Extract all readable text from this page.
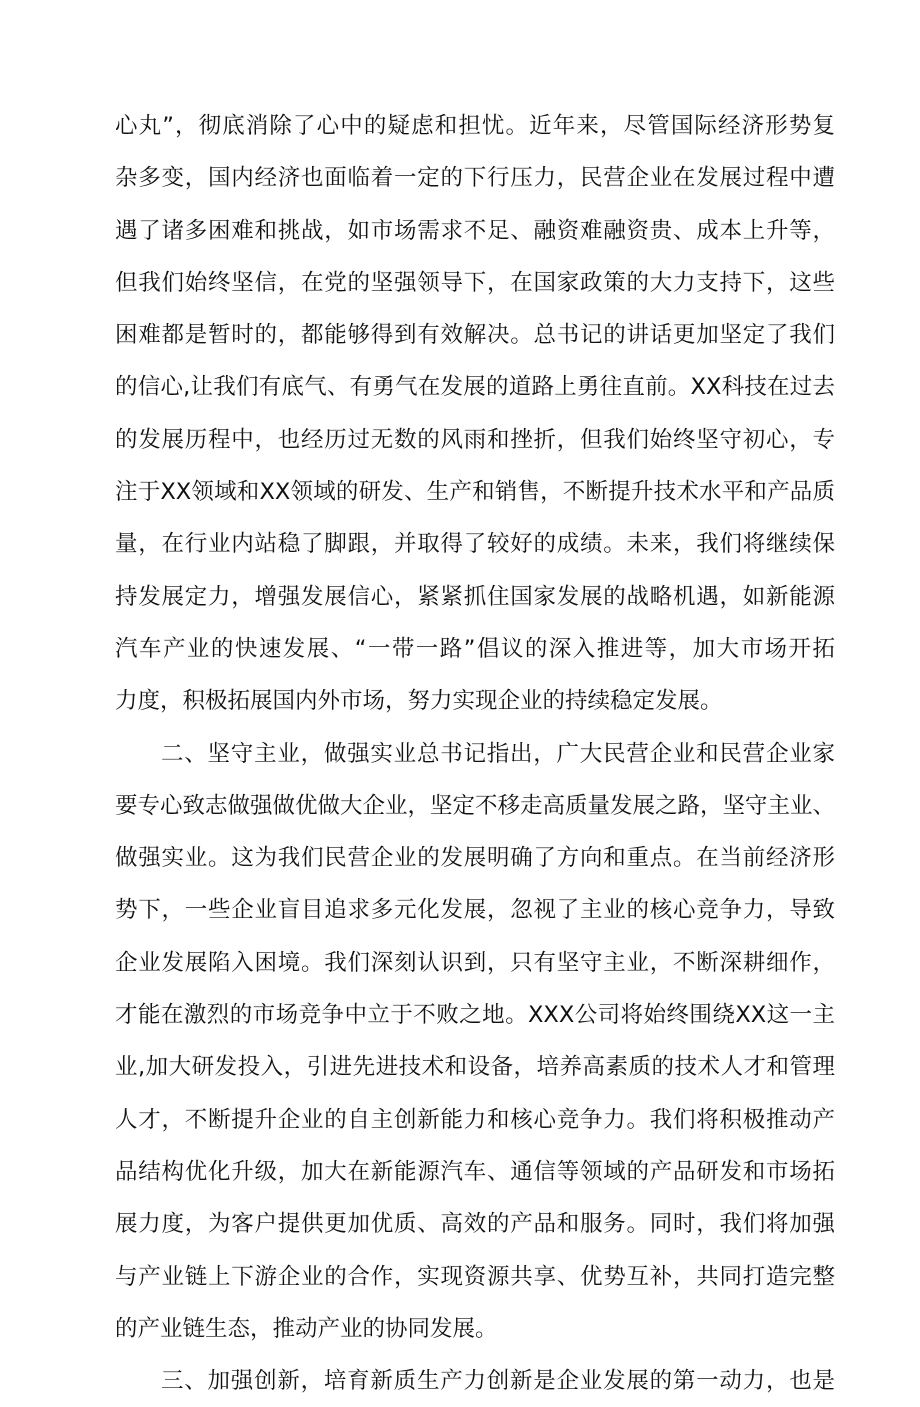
心丸”，彻底消除了心中的疑虑和担忧。近年来，尽管国际经济形势复
杂多变，国内经济也面临着一定的下行压力，民营企业在发展过程中遭
遇了诸多困难和挑战，如市场需求不足、融资难融资贵、成本上升等，
但我们始终坚信，在党的坚强领导下，在国家政策的大力支持下，这些
困难都是暂时的，都能够得到有效解决。总书记的讲话更加坚定了我们
的信心,让我们有底气、有勇气在发展的道路上勇往直前。XX科技在过去
的发展历程中，也经历过无数的风雨和挫折，但我们始终坚守初心，专
注于XX领域和XX领域的研发、生产和销售，不断提升技术水平和产品质
量，在行业内站稳了脚跟，并取得了较好的成绩。未来，我们将继续保
持发展定力，增强发展信心，紧紧抓住国家发展的战略机遇，如新能源
汽车产业的快速发展、“一带一路”倡议的深入推进等，加大市场开拓
力度，积极拓展国内外市场，努力实现企业的持续稳定发展。
二、坚守主业，做强实业总书记指出，广大民营企业和民营企业家
要专心致志做强做优做大企业，坚定不移走高质量发展之路，坚守主业、
做强实业。这为我们民营企业的发展明确了方向和重点。在当前经济形
势下，一些企业盲目追求多元化发展，忽视了主业的核心竞争力，导致
企业发展陷入困境。我们深刻认识到，只有坚守主业，不断深耕细作，
才能在激烈的市场竞争中立于不败之地。XXX公司将始终围绕XX这一主
业,加大研发投入，引进先进技术和设备，培养高素质的技术人才和管理
人才，不断提升企业的自主创新能力和核心竞争力。我们将积极推动产
品结构优化升级，加大在新能源汽车、通信等领域的产品研发和市场拓
展力度，为客户提供更加优质、高效的产品和服务。同时，我们将加强
与产业链上下游企业的合作，实现资源共享、优势互补，共同打造完整
的产业链生态，推动产业的协同发展。
三、加强创新，培育新质生产力创新是企业发展的第一动力，也是
